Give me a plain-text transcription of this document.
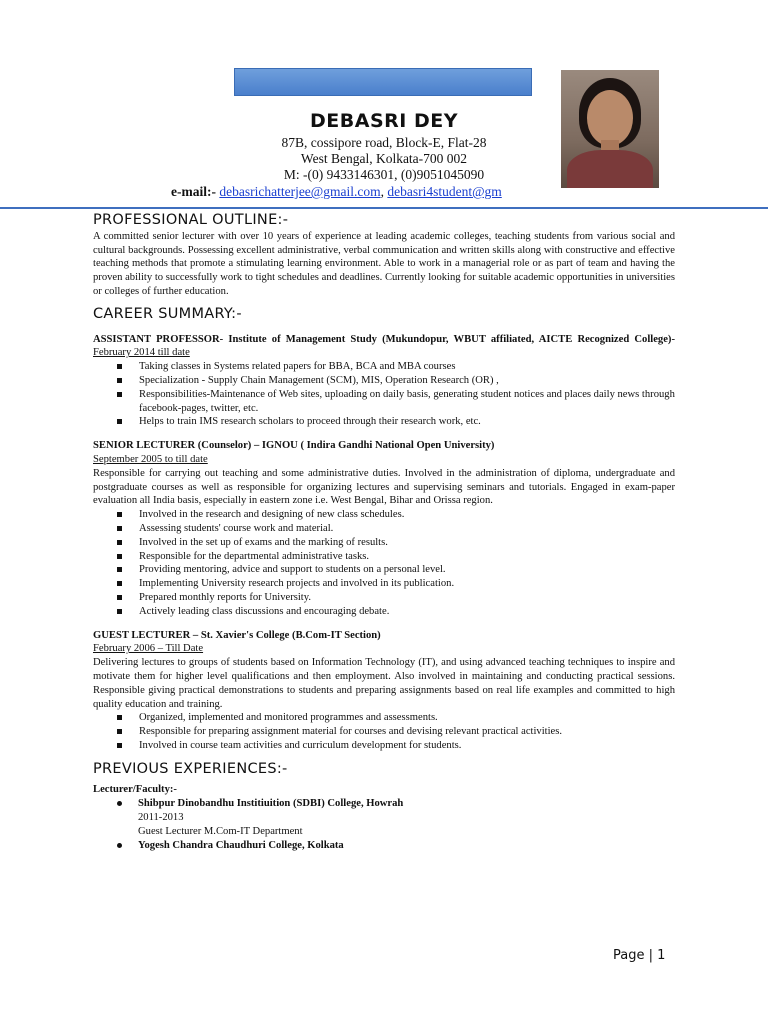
DEBASRI DEY
87B, cossipore road, Block-E, Flat-28
West Bengal, Kolkata-700 002
M: -(0) 9433146301, (0)9051045090
e-mail:- debasrichatterjee@gmail.com, debasri4student@gm
PROFESSIONAL OUTLINE:-

A committed senior lecturer with over 10 years of experience at leading academic colleges, teaching students from various social and cultural backgrounds. Possessing excellent administrative, verbal communication and written skills along with constructive and effective teaching methods that promote a stimulating learning environment. Able to work in a managerial role or as part of team and having the proven ability to successfully work to tight schedules and deadlines. Currently looking for suitable academic opportunities in universities or colleges of further education.

CAREER SUMMARY:-
ASSISTANT PROFESSOR- Institute of Management Study (Mukundopur, WBUT affiliated, AICTE Recognized College)-February 2014 till date
Taking classes in Systems related papers for BBA, BCA and MBA courses
Specialization - Supply Chain Management (SCM), MIS, Operation Research (OR) ,
Responsibilities-Maintenance of Web sites, uploading on daily basis, generating student notices and places daily news through facebook-pages, twitter, etc.
Helps to train IMS research scholars to proceed through their research work, etc.
SENIOR LECTURER (Counselor) – IGNOU ( Indira Gandhi National Open University)
September 2005 to till date

Responsible for carrying out teaching and some administrative duties. Involved in the administration of diploma, undergraduate and postgraduate courses as well as responsible for organizing lectures and supervising seminars and tutorials. Engaged in exam-paper evaluation all India basis, especially in eastern zone i.e. West Bengal, Bihar and Orissa region.

Involved in the research and designing of new class schedules.
Assessing students' course work and material.
Involved in the set up of exams and the marking of results.
Responsible for the departmental administrative tasks.
Providing mentoring, advice and support to students on a personal level.
Implementing University research projects and involved in its publication.
Prepared monthly reports for University.
Actively leading class discussions and encouraging debate.
GUEST LECTURER – St. Xavier's College (B.Com-IT Section)
February 2006 – Till Date

Delivering lectures to groups of students based on Information Technology (IT), and using advanced teaching techniques to inspire and motivate them for higher level qualifications and then employment. Also involved in maintaining and conducting practical sessions. Responsible giving practical demonstrations to students and preparing assignments based on real life examples and committed to high quality education and training.

Organized, implemented and monitored programmes and assessments.
Responsible for preparing assignment material for courses and devising relevant practical activities.
Involved in course team activities and curriculum development for students.
PREVIOUS EXPERIENCES:-
Lecturer/Faculty:-
Shibpur Dinobandhu Institiuition (SDBI) College, Howrah
2011-2013
Guest Lecturer M.Com-IT Department
Yogesh Chandra Chaudhuri College, Kolkata
Page | 1
